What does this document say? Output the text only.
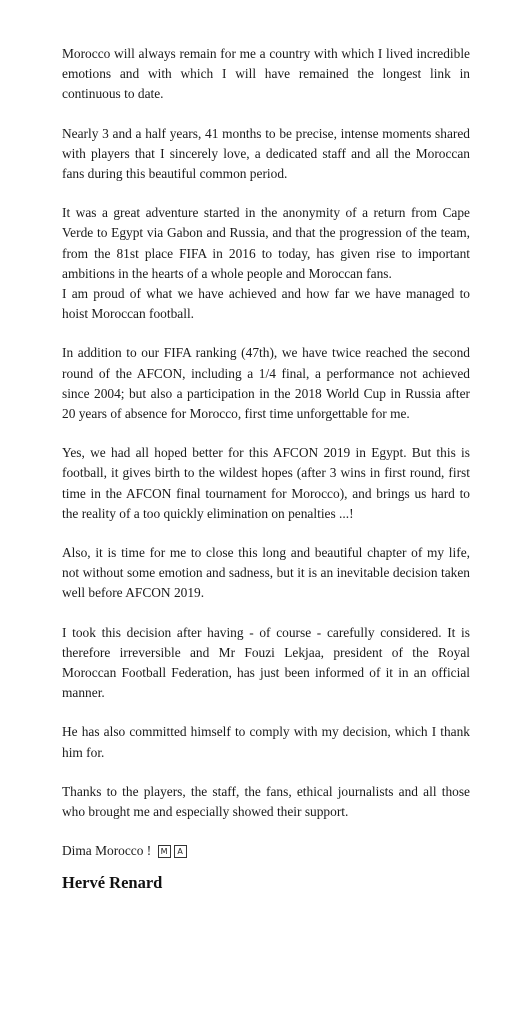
Morocco will always remain for me a country with which I lived incredible emotions and with which I will have remained the longest link in continuous to date.

Nearly 3 and a half years, 41 months to be precise, intense moments shared with players that I sincerely love, a dedicated staff and all the Moroccan fans during this beautiful common period.

It was a great adventure started in the anonymity of a return from Cape Verde to Egypt via Gabon and Russia, and that the progression of the team, from the 81st place FIFA in 2016 to today, has given rise to important ambitions in the hearts of a whole people and Moroccan fans.

I am proud of what we have achieved and how far we have managed to hoist Moroccan football.

In addition to our FIFA ranking (47th), we have twice reached the second round of the AFCON, including a 1/4 final, a performance not achieved since 2004; but also a participation in the 2018 World Cup in Russia after 20 years of absence for Morocco, first time unforgettable for me.

Yes, we had all hoped better for this AFCON 2019 in Egypt. But this is football, it gives birth to the wildest hopes (after 3 wins in first round, first time in the AFCON final tournament for Morocco), and brings us hard to the reality of a too quickly elimination on penalties ...!

Also, it is time for me to close this long and beautiful chapter of my life, not without some emotion and sadness, but it is an inevitable decision taken well before AFCON 2019.

I took this decision after having - of course - carefully considered. It is therefore irreversible and Mr Fouzi Lekjaa, president of the Royal Moroccan Football Federation, has just been informed of it in an official manner.

He has also committed himself to comply with my decision, which I thank him for.

Thanks to the players, the staff, the fans, ethical journalists and all those who brought me and especially showed their support.

Dima Morocco ! M A

Hervé Renard
